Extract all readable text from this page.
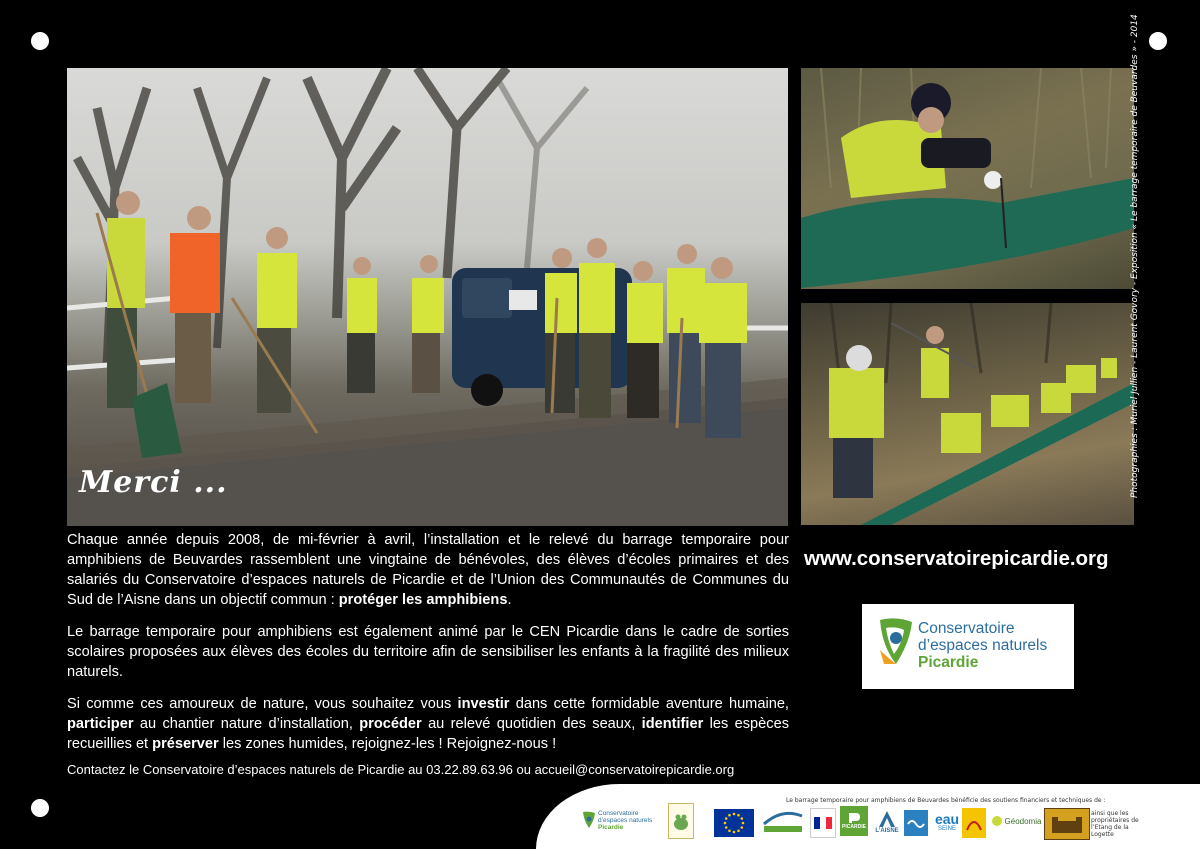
Merci ...	Photographies : Muriel Jullien - Laurent Govory - Exposition « Le barrage temporaire de Beuvardes » - 2014

Chaque année depuis 2008, de mi-février à avril, l’installation et le relevé du barrage temporaire pour amphibiens de Beuvardes rassemblent une vingtaine de bénévoles, des élèves d’écoles primaires et des salariés du Conservatoire d’espaces naturels de Picardie et de l’Union des Communautés de Communes du Sud de l’Aisne dans un objectif commun : protéger les amphibiens.

Le barrage temporaire pour amphibiens est également animé par le CEN Picardie dans le cadre de sorties scolaires proposées aux élèves des écoles du territoire afin de sensibiliser les enfants à la fragilité des milieux naturels.

Si comme ces amoureux de nature, vous souhaitez vous investir dans cette formidable aventure humaine, participer au chantier nature d’installation, procéder au relevé quotidien des seaux, identifier les espèces recueillies et préserver les zones humides, rejoignez-les ! Rejoignez-nous !

Contactez le Conservatoire d’espaces naturels de Picardie au 03.22.89.63.96 ou accueil@conservatoirepicardie.org
www.conservatoirepicardie.org
Conservatoire
d’espaces naturels
Picardie
Le barrage temporaire pour amphibiens de Beuvardes bénéficie des soutiens financiers et techniques de :
Conservatoire
d’espaces naturels
Picardie	PICARDIE
L’AISNE
eau
SEINE
Géodomia
ainsi que les propriétaires de l’Etang de la Logette
